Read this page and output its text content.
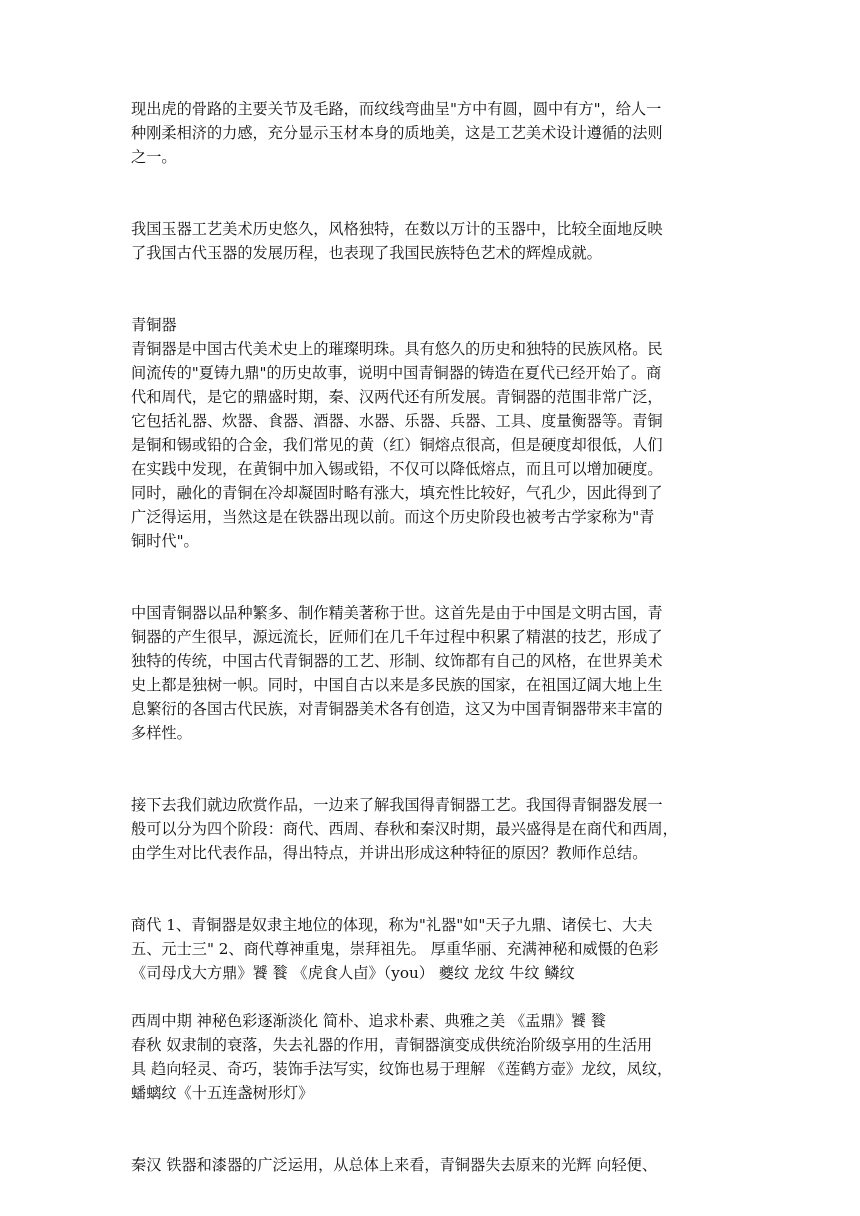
现出虎的骨路的主要关节及毛路，而纹线弯曲呈"方中有圆，圆中有方"，给人一
种刚柔相济的力感，充分显示玉材本身的质地美，这是工艺美术设计遵循的法则
之一。

我国玉器工艺美术历史悠久，风格独特，在数以万计的玉器中，比较全面地反映
了我国古代玉器的发展历程，也表现了我国民族特色艺术的辉煌成就。

青铜器
青铜器是中国古代美术史上的璀璨明珠。具有悠久的历史和独特的民族风格。民
间流传的"夏铸九鼎"的历史故事，说明中国青铜器的铸造在夏代已经开始了。商
代和周代，是它的鼎盛时期，秦、汉两代还有所发展。青铜器的范围非常广泛，
它包括礼器、炊器、食器、酒器、水器、乐器、兵器、工具、度量衡器等。青铜
是铜和锡或铅的合金，我们常见的黄（红）铜熔点很高，但是硬度却很低，人们
在实践中发现，在黄铜中加入锡或铅，不仅可以降低熔点，而且可以增加硬度。
同时，融化的青铜在冷却凝固时略有涨大，填充性比较好，气孔少，因此得到了
广泛得运用，当然这是在铁器出现以前。而这个历史阶段也被考古学家称为"青
铜时代"。

中国青铜器以品种繁多、制作精美著称于世。这首先是由于中国是文明古国，青
铜器的产生很早，源远流长，匠师们在几千年过程中积累了精湛的技艺，形成了
独特的传统，中国古代青铜器的工艺、形制、纹饰都有自己的风格，在世界美术
史上都是独树一帜。同时，中国自古以来是多民族的国家，在祖国辽阔大地上生
息繁衍的各国古代民族，对青铜器美术各有创造，这又为中国青铜器带来丰富的
多样性。

接下去我们就边欣赏作品，一边来了解我国得青铜器工艺。我国得青铜器发展一
般可以分为四个阶段：商代、西周、春秋和秦汉时期，最兴盛得是在商代和西周，
由学生对比代表作品，得出特点，并讲出形成这种特征的原因？教师作总结。

商代 1、青铜器是奴隶主地位的体现，称为"礼器"如"天子九鼎、诸侯七、大夫
五、元士三" 2、商代尊神重鬼，崇拜祖先。 厚重华丽、充满神秘和威慑的色彩
《司母戊大方鼎》饕 餮 《虎食人卣》（you） 夔纹 龙纹 牛纹 鳞纹

西周中期 神秘色彩逐渐淡化 简朴、追求朴素、典雅之美 《盂鼎》饕 餮
春秋 奴隶制的衰落，失去礼器的作用，青铜器演变成供统治阶级享用的生活用
具 趋向轻灵、奇巧，装饰手法写实，纹饰也易于理解 《莲鹤方壶》龙纹，凤纹，
蟠螭纹《十五连盏树形灯》

秦汉 铁器和漆器的广泛运用，从总体上来看，青铜器失去原来的光辉 向轻便、
